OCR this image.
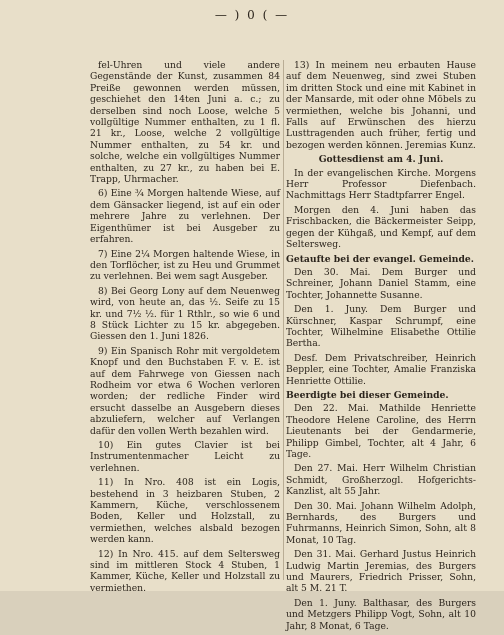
— ) 0 ( —

fel-Uhren und viele andere Gegenstände der Kunst, zusammen 84 Preiße gewonnen werden müssen, geschiehet den 14ten Juni a. c.; zu derselben sind noch Loose, welche 5 vollgültige Nummer enthalten, zu 1 fl. 21 kr., Loose, welche 2 vollgültige Nummer enthalten, zu 54 kr. und solche, welche ein vollgültiges Nummer enthalten, zu 27 kr., zu haben bei E. Trapp, Uhrmacher.

6) Eine ¾ Morgen haltende Wiese, auf dem Gänsacker liegend, ist auf ein oder mehrere Jahre zu verlehnen. Der Eigenthümer ist bei Ausgeber zu erfahren.

7) Eine 2¼ Morgen haltende Wiese, in den Torflöcher, ist zu Heu und Grummet zu verlehnen. Bei wem sagt Ausgeber.

8) Bei Georg Lony auf dem Neuenweg wird, von heute an, das ½. Seife zu 15 kr. und 7½ ½. für 1 Rthlr., so wie 6 und 8 Stück Lichter zu 15 kr. abgegeben. Giessen den 1. Juni 1826.

9) Ein Spanisch Rohr mit vergoldetem Knopf und den Buchstaben F. v. E. ist auf dem Fahrwege von Giessen nach Rodheim vor etwa 6 Wochen verloren worden; der redliche Finder wird ersucht dasselbe an Ausgebern dieses abzuliefern, welcher auf Verlangen dafür den vollen Werth bezahlen wird.

10) Ein gutes Clavier ist bei Instrumentenmacher Leicht zu verlehnen.

11) In Nro. 408 ist ein Logis, bestehend in 3 heizbaren Stuben, 2 Kammern, Küche, verschlossenem Boden, Keller und Holzstall, zu vermiethen, welches alsbald bezogen werden kann.

12) In Nro. 415. auf dem Seltersweg sind im mittleren Stock 4 Stuben, 1 Kammer, Küche, Keller und Holzstall zu vermiethen.

13) In meinem neu erbauten Hause auf dem Neuenweg, sind zwei Stuben im dritten Stock und eine mit Kabinet in der Mansarde, mit oder ohne Möbels zu vermiethen, welche bis Johanni, und Falls auf Erwünschen des hierzu Lusttragenden auch früher, fertig und bezogen werden können. Jeremias Kunz.

Gottesdienst am 4. Juni.

In der evangelischen Kirche. Morgens Herr Professor Diefenbach. Nachmittags Herr Stadtpfarrer Engel.

Morgen den 4. Juni haben das Frischbacken, die Bäckermeister Seipp, gegen der Kühgaß, und Kempf, auf dem Seltersweg.

Getaufte bei der evangel. Gemeinde.

Den 30. Mai. Dem Burger und Schreiner, Johann Daniel Stamm, eine Tochter, Johannette Susanne.

Den 1. Juny. Dem Burger und Kürschner, Kaspar Schrumpf, eine Tochter, Wilhelmine Elisabethe Ottilie Bertha.

Desf. Dem Privatschreiber, Heinrich Beppler, eine Tochter, Amalie Franziska Henriette Ottilie.

Beerdigte bei dieser Gemeinde.

Den 22. Mai. Mathilde Henriette Theodore Helene Caroline, des Herrn Lieutenants bei der Gendarmerie, Philipp Gimbel, Tochter, alt 4 Jahr, 6 Tage.

Den 27. Mai. Herr Wilhelm Christian Schmidt, Großherzogl. Hofgerichts-Kanzlist, alt 55 Jahr.

Den 30. Mai. Johann Wilhelm Adolph, Bernhards, des Burgers und Fuhrmanns, Heinrich Simon, Sohn, alt 8 Monat, 10 Tag.

Den 31. Mai. Gerhard Justus Heinrich Ludwig Martin Jeremias, des Burgers und Maurers, Friedrich Prisser, Sohn, alt 5 M. 21 T.

Den 1. Juny. Balthasar, des Burgers und Metzgers Philipp Vogt, Sohn, alt 10 Jahr, 8 Monat, 6 Tage.
